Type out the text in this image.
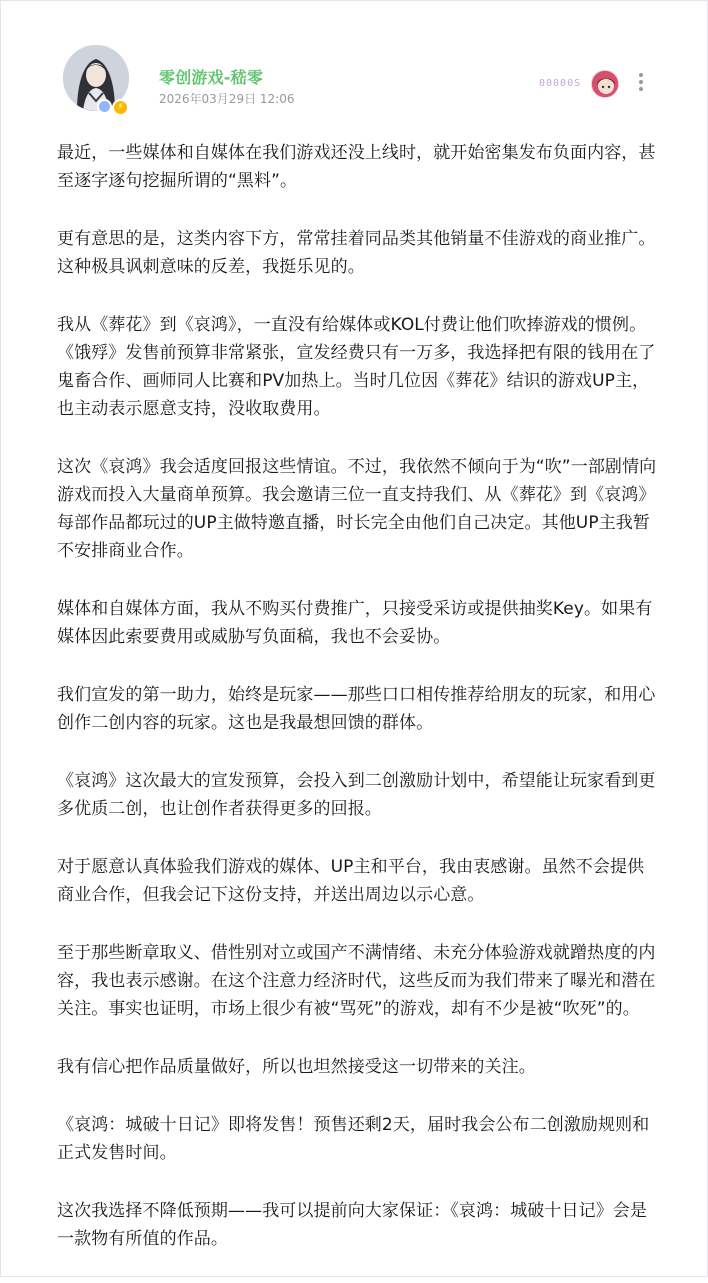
⚡
零创游戏-嵇零
2026年03月29日 12:06
00000S

最近，一些媒体和自媒体在我们游戏还没上线时，就开始密集发布负面内容，甚至逐字逐句挖掘所谓的“黑料”。

更有意思的是，这类内容下方，常常挂着同品类其他销量不佳游戏的商业推广。这种极具讽刺意味的反差，我挺乐见的。

我从《葬花》到《哀鸿》，一直没有给媒体或KOL付费让他们吹捧游戏的惯例。《饿殍》发售前预算非常紧张，宣发经费只有一万多，我选择把有限的钱用在了鬼畜合作、画师同人比赛和PV加热上。当时几位因《葬花》结识的游戏UP主，也主动表示愿意支持，没收取费用。

这次《哀鸿》我会适度回报这些情谊。不过，我依然不倾向于为“吹”一部剧情向游戏而投入大量商单预算。我会邀请三位一直支持我们、从《葬花》到《哀鸿》每部作品都玩过的UP主做特邀直播，时长完全由他们自己决定。其他UP主我暂不安排商业合作。

媒体和自媒体方面，我从不购买付费推广，只接受采访或提供抽奖Key。如果有媒体因此索要费用或威胁写负面稿，我也不会妥协。

我们宣发的第一助力，始终是玩家——那些口口相传推荐给朋友的玩家，和用心创作二创内容的玩家。这也是我最想回馈的群体。

《哀鸿》这次最大的宣发预算，会投入到二创激励计划中，希望能让玩家看到更多优质二创，也让创作者获得更多的回报。

对于愿意认真体验我们游戏的媒体、UP主和平台，我由衷感谢。虽然不会提供商业合作，但我会记下这份支持，并送出周边以示心意。

至于那些断章取义、借性别对立或国产不满情绪、未充分体验游戏就蹭热度的内容，我也表示感谢。在这个注意力经济时代，这些反而为我们带来了曝光和潜在关注。事实也证明，市场上很少有被“骂死”的游戏，却有不少是被“吹死”的。

我有信心把作品质量做好，所以也坦然接受这一切带来的关注。

《哀鸿：城破十日记》即将发售！预售还剩2天，届时我会公布二创激励规则和正式发售时间。

这次我选择不降低预期——我可以提前向大家保证：《哀鸿：城破十日记》会是一款物有所值的作品。
